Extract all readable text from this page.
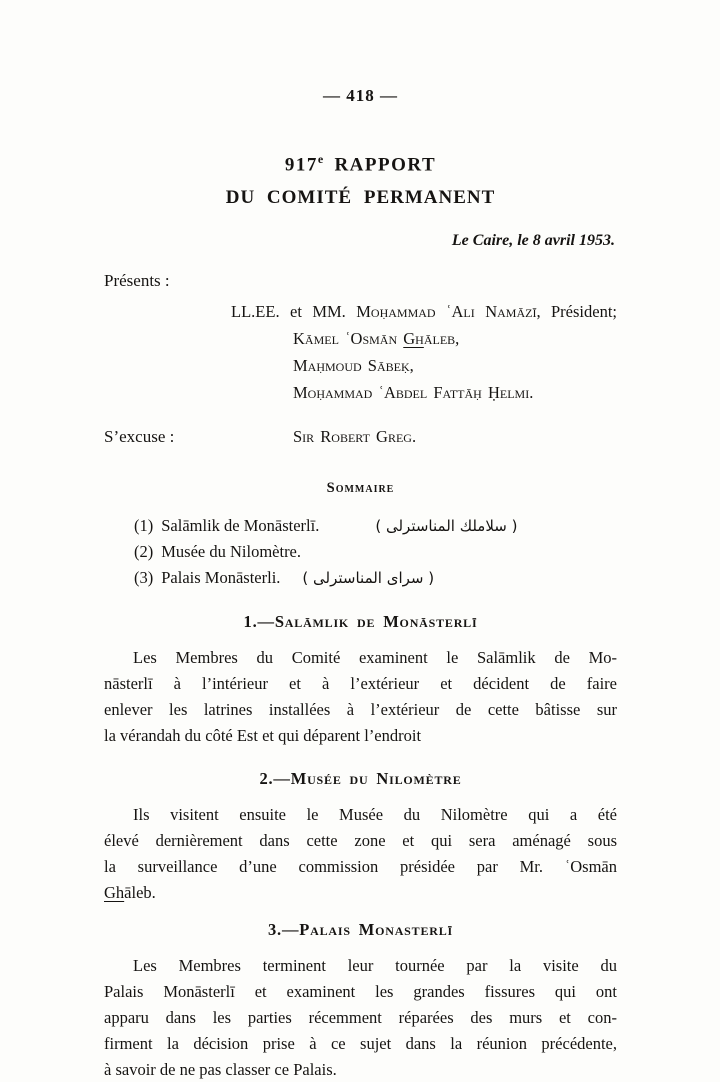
— 418 —
917e RAPPORT
DU COMITÉ PERMANENT
Le Caire, le 8 avril 1953.
Présents :
LL.EE. et MM. Moḥammad ʿAli Namāzī, Président;
Kāmel ʿOsmān Ghāleb,
Maḥmoud Sābeḳ,
Moḥammad ʿAbdel Fattāḥ Ḥelmi.
S’excuse :	Sir Robert Greg.
Sommaire
(1) Salāmlik de Monāsterlī.	( سلاملك المناسترلى )
(2) Musée du Nilomètre.
(3) Palais Monāsterli. ( سراى المناسترلى )
1.—Salāmlik de Monāsterlī
Les Membres du Comité examinent le Salāmlik de Mo-
nāsterlī à l’intérieur et à l’extérieur et décident de faire
enlever les latrines installées à l’extérieur de cette bâtisse sur
la vérandah du côté Est et qui déparent l’endroit
2.—Musée du Nilomètre
Ils visitent ensuite le Musée du Nilomètre qui a été
élevé dernièrement dans cette zone et qui sera aménagé sous
la surveillance d’une commission présidée par Mr. ʿOsmān
Ghāleb.
3.—Palais Monasterlī
Les Membres terminent leur tournée par la visite du
Palais Monāsterlī et examinent les grandes fissures qui ont
apparu dans les parties récemment réparées des murs et con-
firment la décision prise à ce sujet dans la réunion précédente,
à savoir de ne pas classer ce Palais.
